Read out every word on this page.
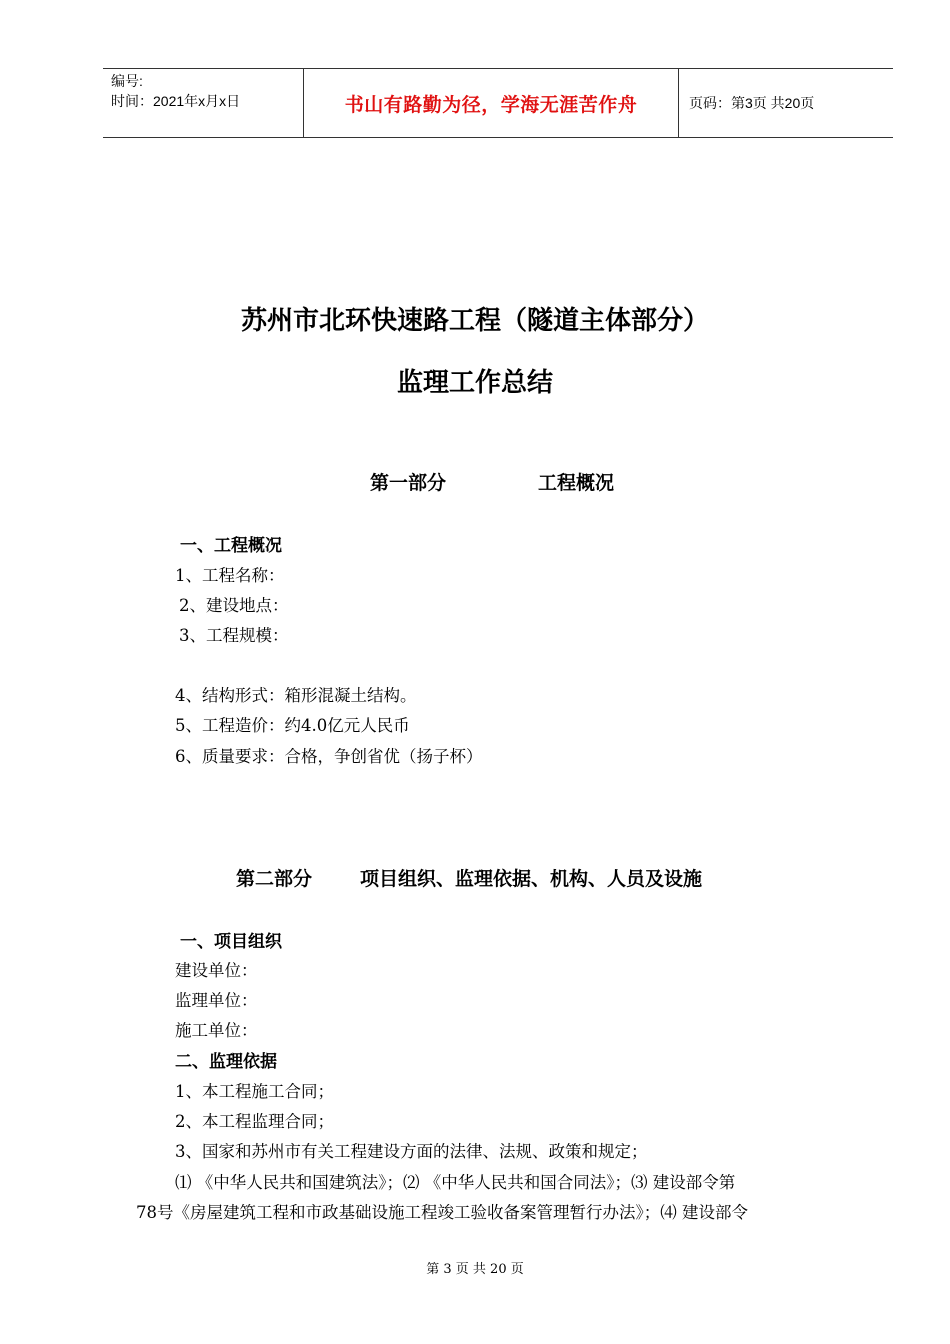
编号:
时间：2021年x月x日	书山有路勤为径，学海无涯苦作舟	页码：第3页 共20页
苏州市北环快速路工程（隧道主体部分）
监理工作总结
第一部分	工程概况
一、工程概况
1、工程名称：
2、建设地点：
3、工程规模：
4、结构形式：箱形混凝土结构。
5、工程造价：约4.0亿元人民币
6、质量要求：合格，争创省优（扬子杯）
第二部分	项目组织、监理依据、机构、人员及设施
一、项目组织
建设单位：
监理单位：
施工单位：
二、监理依据
1、本工程施工合同；
2、本工程监理合同；
3、国家和苏州市有关工程建设方面的法律、法规、政策和规定；
⑴ 《中华人民共和国建筑法》；⑵ 《中华人民共和国合同法》；⑶ 建设部令第
78号《房屋建筑工程和市政基础设施工程竣工验收备案管理暂行办法》；⑷ 建设部令
第 3 页 共 20 页
